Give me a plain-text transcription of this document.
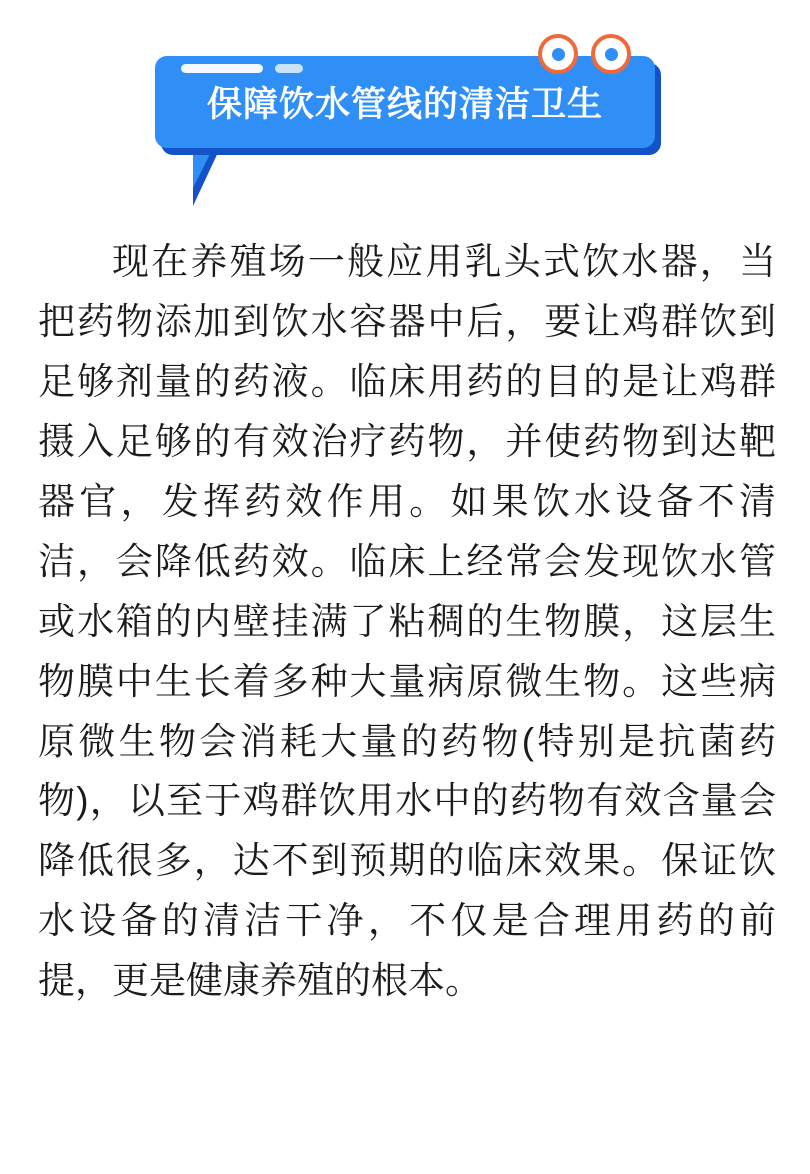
保障饮水管线的清洁卫生
现在养殖场一般应用乳头式饮水器，当把药物添加到饮水容器中后，要让鸡群饮到足够剂量的药液。临床用药的目的是让鸡群摄入足够的有效治疗药物，并使药物到达靶器官，发挥药效作用。如果饮水设备不清洁，会降低药效。临床上经常会发现饮水管或水箱的内壁挂满了粘稠的生物膜，这层生物膜中生长着多种大量病原微生物。这些病原微生物会消耗大量的药物(特别是抗菌药物)，以至于鸡群饮用水中的药物有效含量会降低很多，达不到预期的临床效果。保证饮水设备的清洁干净，不仅是合理用药的前提，更是健康养殖的根本。
